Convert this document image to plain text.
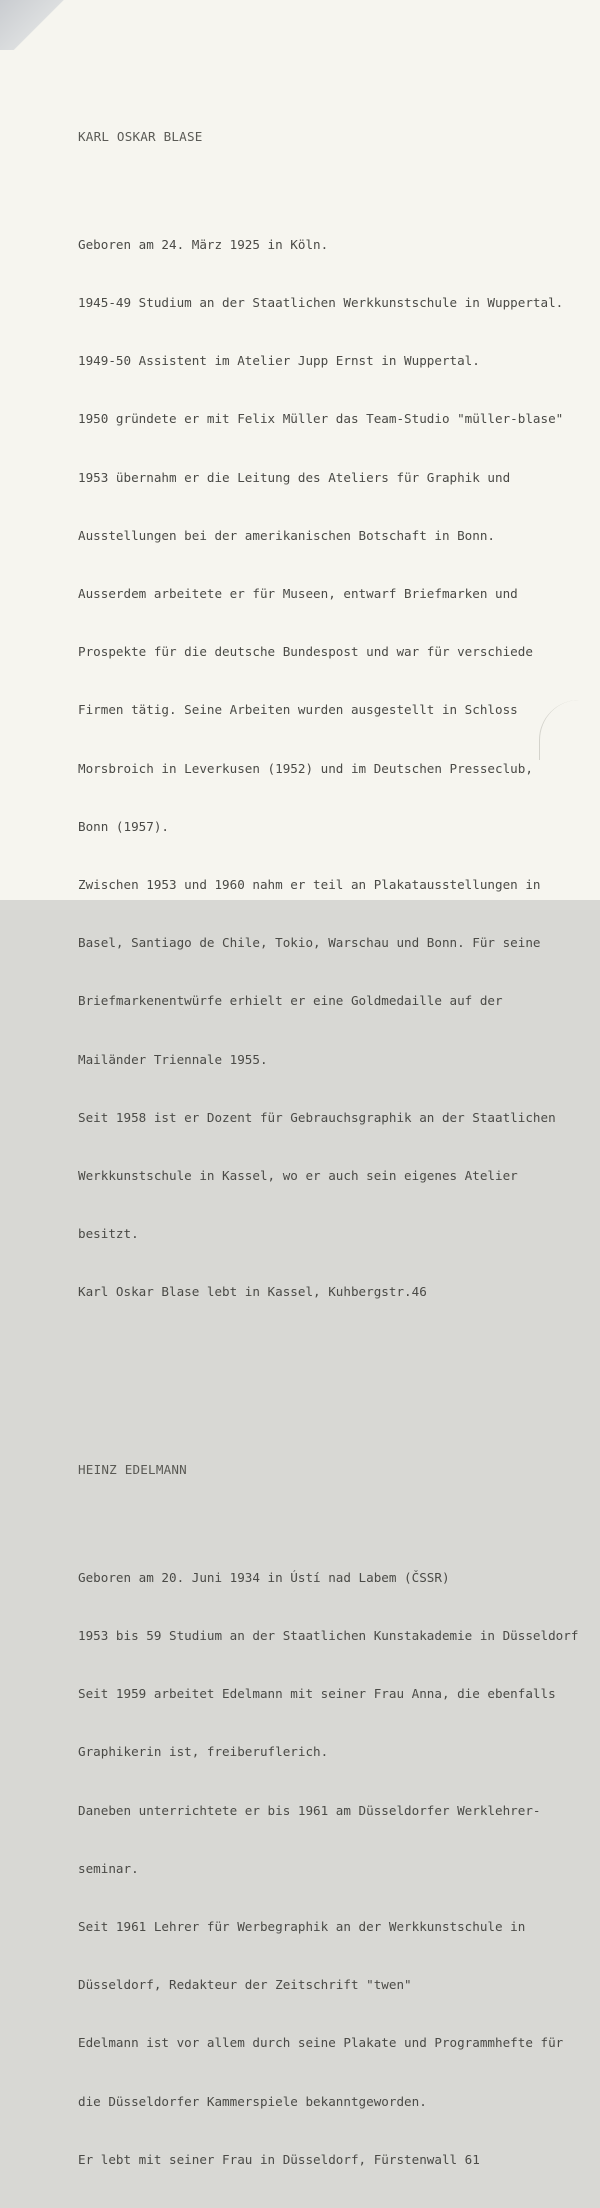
KARL OSKAR BLASE

Geboren am 24. März 1925 in Köln.

1945-49 Studium an der Staatlichen Werkkunstschule in Wuppertal.

1949-50 Assistent im Atelier Jupp Ernst in Wuppertal.

1950 gründete er mit Felix Müller das Team-Studio "müller-blase"

1953 übernahm er die Leitung des Ateliers für Graphik und

Ausstellungen bei der amerikanischen Botschaft in Bonn.

Ausserdem arbeitete er für Museen, entwarf Briefmarken und

Prospekte für die deutsche Bundespost und war für verschiede

Firmen tätig. Seine Arbeiten wurden ausgestellt in Schloss

Morsbroich in Leverkusen (1952) und im Deutschen Presseclub,

Bonn (1957).

Zwischen 1953 und 1960 nahm er teil an Plakatausstellungen in

Basel, Santiago de Chile, Tokio, Warschau und Bonn. Für seine

Briefmarkenentwürfe erhielt er eine Goldmedaille auf der

Mailänder Triennale 1955.

Seit 1958 ist er Dozent für Gebrauchsgraphik an der Staatlichen

Werkkunstschule in Kassel, wo er auch sein eigenes Atelier

besitzt.

Karl Oskar Blase lebt in Kassel, Kuhbergstr.46

HEINZ EDELMANN

Geboren am 20. Juni 1934 in Ústí nad Labem (ČSSR)

1953 bis 59 Studium an der Staatlichen Kunstakademie in Düsseldorf

Seit 1959 arbeitet Edelmann mit seiner Frau Anna, die ebenfalls

Graphikerin ist, freiberuflerich.

Daneben unterrichtete er bis 1961 am Düsseldorfer Werklehrer-

seminar.

Seit 1961 Lehrer für Werbegraphik an der Werkkunstschule in

Düsseldorf, Redakteur der Zeitschrift "twen"

Edelmann ist vor allem durch seine Plakate und Programmhefte für

die Düsseldorfer Kammerspiele bekanntgeworden.

Er lebt mit seiner Frau in Düsseldorf, Fürstenwall 61
